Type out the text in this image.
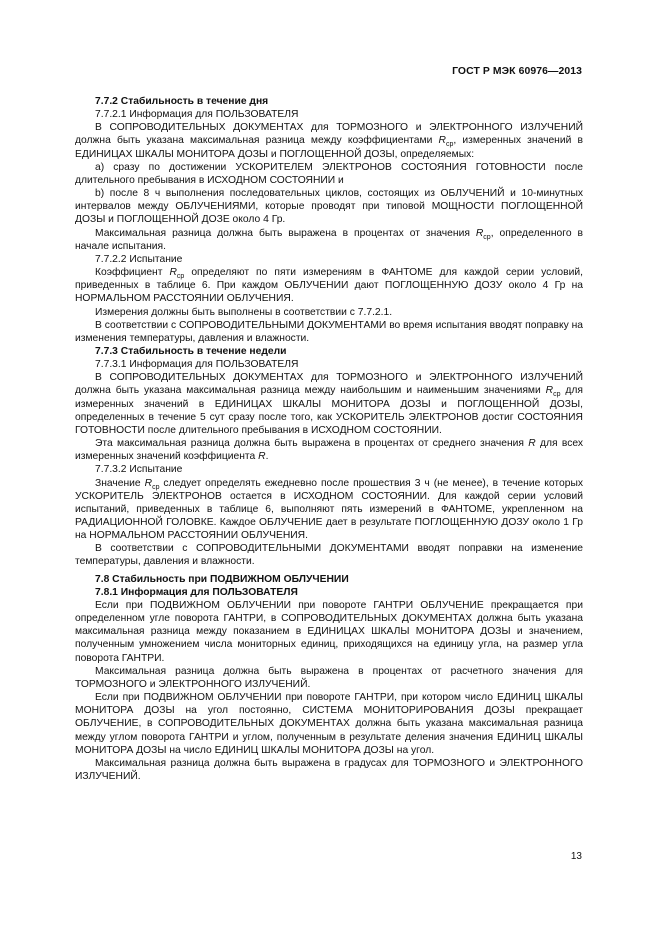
ГОСТ Р МЭК 60976—2013

7.7.2 Стабильность в течение дня

7.7.2.1 Информация для ПОЛЬЗОВАТЕЛЯ

В СОПРОВОДИТЕЛЬНЫХ ДОКУМЕНТАХ для ТОРМОЗНОГО и ЭЛЕКТРОННОГО ИЗЛУЧЕНИЙ должна быть указана максимальная разница между коэффициентами $R_{ср}$, измеренных значений в ЕДИНИЦАХ ШКАЛЫ МОНИТОРА ДОЗЫ и ПОГЛОЩЕННОЙ ДОЗЫ, определяемых:

а) сразу по достижении УСКОРИТЕЛЕМ ЭЛЕКТРОНОВ СОСТОЯНИЯ ГОТОВНОСТИ после длительного пребывания в ИСХОДНОМ СОСТОЯНИИ и

b) после 8 ч выполнения последовательных циклов, состоящих из ОБЛУЧЕНИЙ и 10-минутных интервалов между ОБЛУЧЕНИЯМИ, которые проводят при типовой МОЩНОСТИ ПОГЛОЩЕННОЙ ДОЗЫ и ПОГЛОЩЕННОЙ ДОЗЕ около 4 Гр.

Максимальная разница должна быть выражена в процентах от значения $R_{ср}$, определенного в начале испытания.

7.7.2.2 Испытание

Коэффициент $R_{ср}$ определяют по пяти измерениям в ФАНТОМЕ для каждой серии условий, приведенных в таблице 6. При каждом ОБЛУЧЕНИИ дают ПОГЛОЩЕННУЮ ДОЗУ около 4 Гр на НОРМАЛЬНОМ РАССТОЯНИИ ОБЛУЧЕНИЯ.

Измерения должны быть выполнены в соответствии с 7.7.2.1.

В соответствии с СОПРОВОДИТЕЛЬНЫМИ ДОКУМЕНТАМИ во время испытания вводят поправку на изменения температуры, давления и влажности.

7.7.3 Стабильность в течение недели

7.7.3.1 Информация для ПОЛЬЗОВАТЕЛЯ

В СОПРОВОДИТЕЛЬНЫХ ДОКУМЕНТАХ для ТОРМОЗНОГО и ЭЛЕКТРОННОГО ИЗЛУЧЕНИЙ должна быть указана максимальная разница между наибольшим и наименьшим значениями $R_{ср}$ для измеренных значений в ЕДИНИЦАХ ШКАЛЫ МОНИТОРА ДОЗЫ и ПОГЛОЩЕННОЙ ДОЗЫ, определенных в течение 5 сут сразу после того, как УСКОРИТЕЛЬ ЭЛЕКТРОНОВ достиг СОСТОЯНИЯ ГОТОВНОСТИ после длительного пребывания в ИСХОДНОМ СОСТОЯНИИ.

Эта максимальная разница должна быть выражена в процентах от среднего значения R для всех измеренных значений коэффициента R.

7.7.3.2 Испытание

Значение $R_{ср}$ следует определять ежедневно после прошествия 3 ч (не менее), в течение которых УСКОРИТЕЛЬ ЭЛЕКТРОНОВ остается в ИСХОДНОМ СОСТОЯНИИ. Для каждой серии условий испытаний, приведенных в таблице 6, выполняют пять измерений в ФАНТОМЕ, укрепленном на РАДИАЦИОННОЙ ГОЛОВКЕ. Каждое ОБЛУЧЕНИЕ дает в результате ПОГЛОЩЕННУЮ ДОЗУ около 1 Гр на НОРМАЛЬНОМ РАССТОЯНИИ ОБЛУЧЕНИЯ.

В соответствии с СОПРОВОДИТЕЛЬНЫМИ ДОКУМЕНТАМИ вводят поправки на изменение температуры, давления и влажности.

7.8 Стабильность при ПОДВИЖНОМ ОБЛУЧЕНИИ

7.8.1 Информация для ПОЛЬЗОВАТЕЛЯ

Если при ПОДВИЖНОМ ОБЛУЧЕНИИ при повороте ГАНТРИ ОБЛУЧЕНИЕ прекращается при определенном угле поворота ГАНТРИ, в СОПРОВОДИТЕЛЬНЫХ ДОКУМЕНТАХ должна быть указана максимальная разница между показанием в ЕДИНИЦАХ ШКАЛЫ МОНИТОРА ДОЗЫ и значением, полученным умножением числа мониторных единиц, приходящихся на единицу угла, на размер угла поворота ГАНТРИ.

Максимальная разница должна быть выражена в процентах от расчетного значения для ТОРМОЗНОГО и ЭЛЕКТРОННОГО ИЗЛУЧЕНИЙ.

Если при ПОДВИЖНОМ ОБЛУЧЕНИИ при повороте ГАНТРИ, при котором число ЕДИНИЦ ШКАЛЫ МОНИТОРА ДОЗЫ на угол постоянно, СИСТЕМА МОНИТОРИРОВАНИЯ ДОЗЫ прекращает ОБЛУЧЕНИЕ, в СОПРОВОДИТЕЛЬНЫХ ДОКУМЕНТАХ должна быть указана максимальная разница между углом поворота ГАНТРИ и углом, полученным в результате деления значения ЕДИНИЦ ШКАЛЫ МОНИТОРА ДОЗЫ на число ЕДИНИЦ ШКАЛЫ МОНИТОРА ДОЗЫ на угол.

Максимальная разница должна быть выражена в градусах для ТОРМОЗНОГО и ЭЛЕКТРОННОГО ИЗЛУЧЕНИЙ.

13
